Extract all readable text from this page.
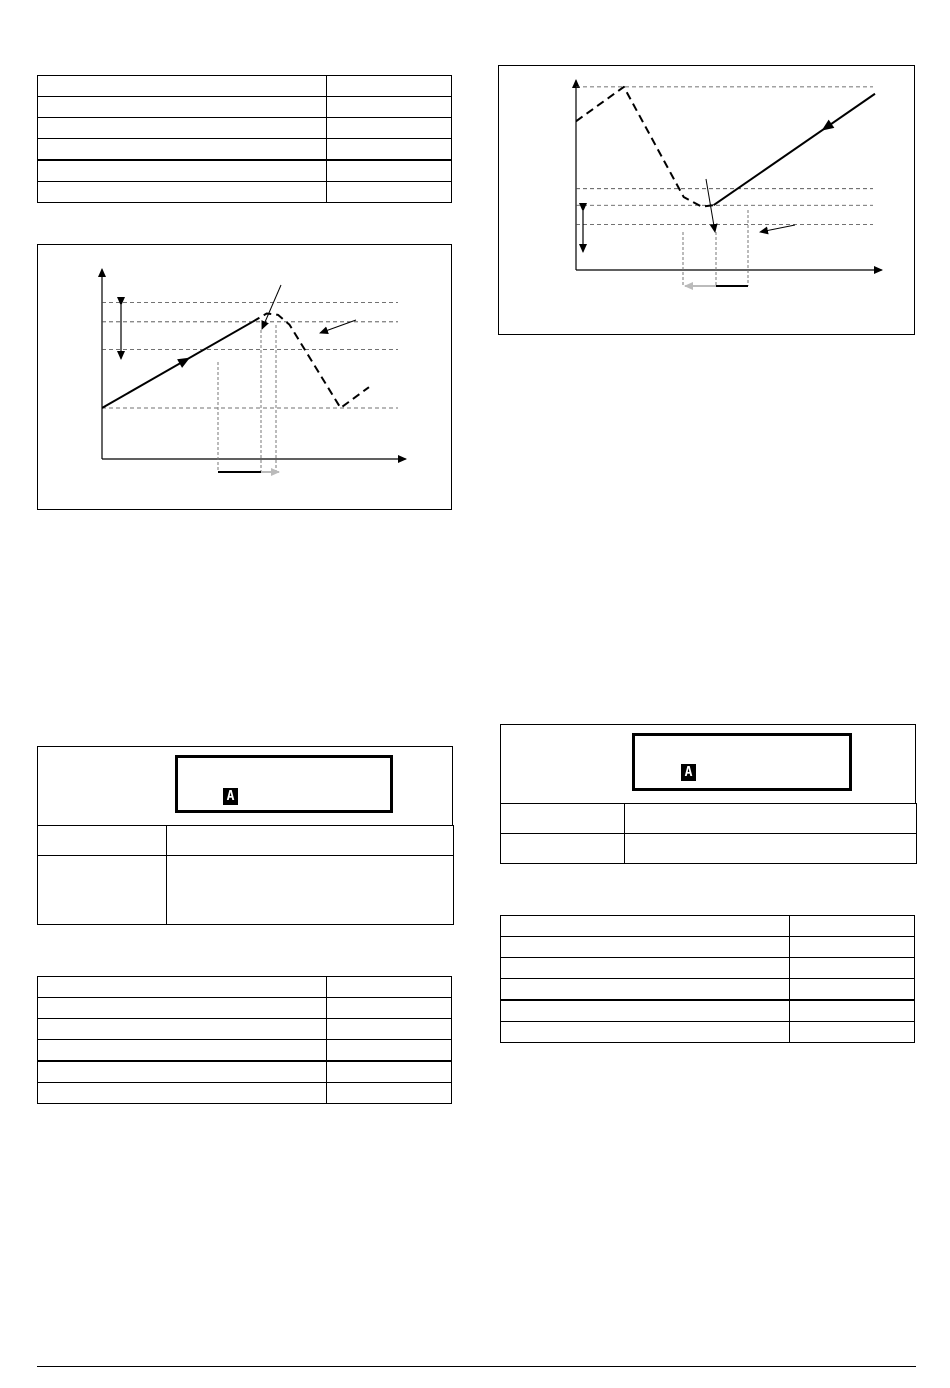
A

A
